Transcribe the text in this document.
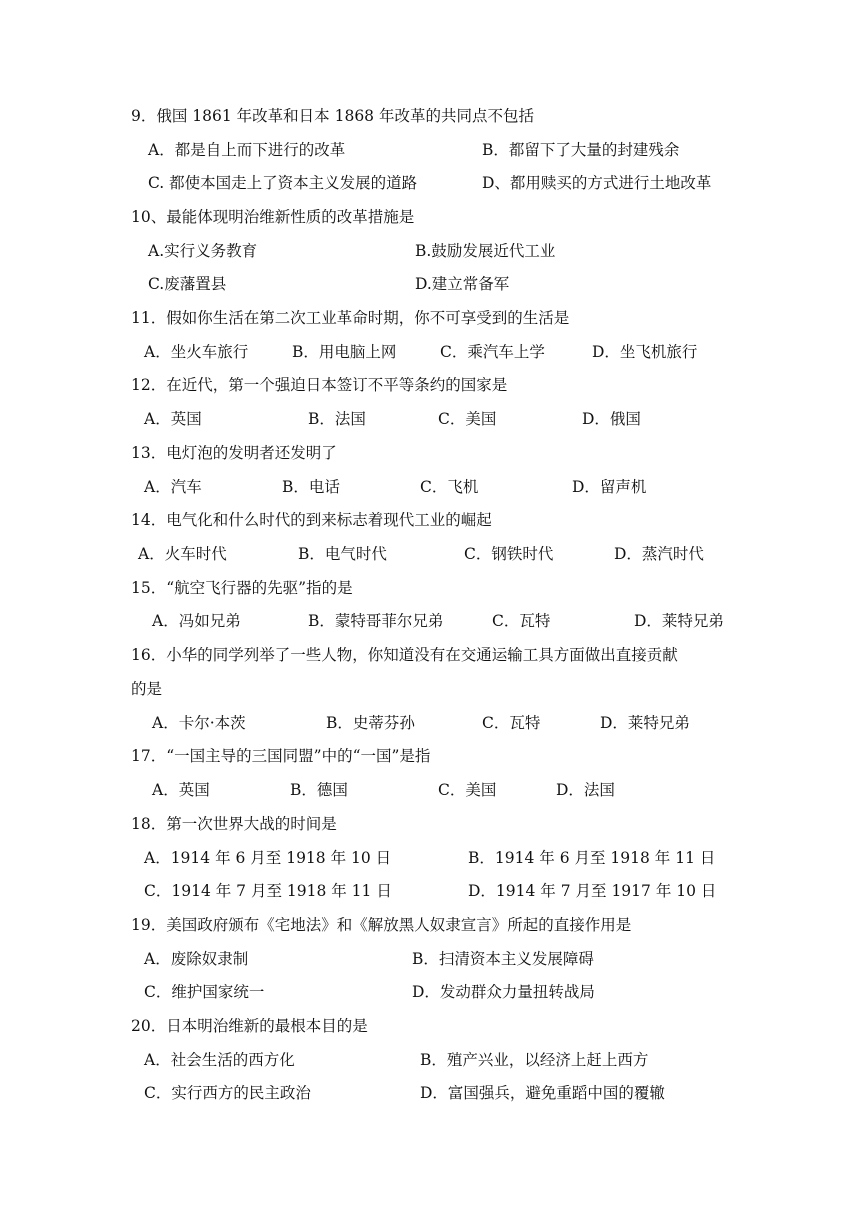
9．俄国 1861 年改革和日本 1868 年改革的共同点不包括
A．都是自上而下进行的改革	B．都留下了大量的封建残余
C. 都使本国走上了资本主义发展的道路	D、都用赎买的方式进行土地改革
10、最能体现明治维新性质的改革措施是
A.实行义务教育	B.鼓励发展近代工业
C.废藩置县	D.建立常备军
11．假如你生活在第二次工业革命时期，你不可享受到的生活是
A．坐火车旅行	B．用电脑上网	C．乘汽车上学	D．坐飞机旅行
12．在近代，第一个强迫日本签订不平等条约的国家是
A．英国	B．法国	C．美国	D．俄国
13．电灯泡的发明者还发明了
A．汽车	B．电话	C．飞机	D．留声机
14．电气化和什么时代的到来标志着现代工业的崛起
A．火车时代	B．电气时代	C．钢铁时代	D．蒸汽时代
15．“航空飞行器的先驱”指的是
A．冯如兄弟	B．蒙特哥菲尔兄弟	C．瓦特	D．莱特兄弟
16．小华的同学列举了一些人物，你知道没有在交通运输工具方面做出直接贡献
的是
A．卡尔·本茨	B．史蒂芬孙	C．瓦特	D．莱特兄弟
17．“一国主导的三国同盟”中的“一国”是指
A．英国	B．德国	C．美国	D．法国
18．第一次世界大战的时间是
A．1914 年 6 月至 1918 年 10 日	B．1914 年 6 月至 1918 年 11 日
C．1914 年 7 月至 1918 年 11 日	D．1914 年 7 月至 1917 年 10 日
19．美国政府颁布《宅地法》和《解放黑人奴隶宣言》所起的直接作用是
A．废除奴隶制	B．扫清资本主义发展障碍
C．维护国家统一	D．发动群众力量扭转战局
20．日本明治维新的最根本目的是
A．社会生活的西方化	B．殖产兴业，以经济上赶上西方
C．实行西方的民主政治	D．富国强兵，避免重蹈中国的覆辙
